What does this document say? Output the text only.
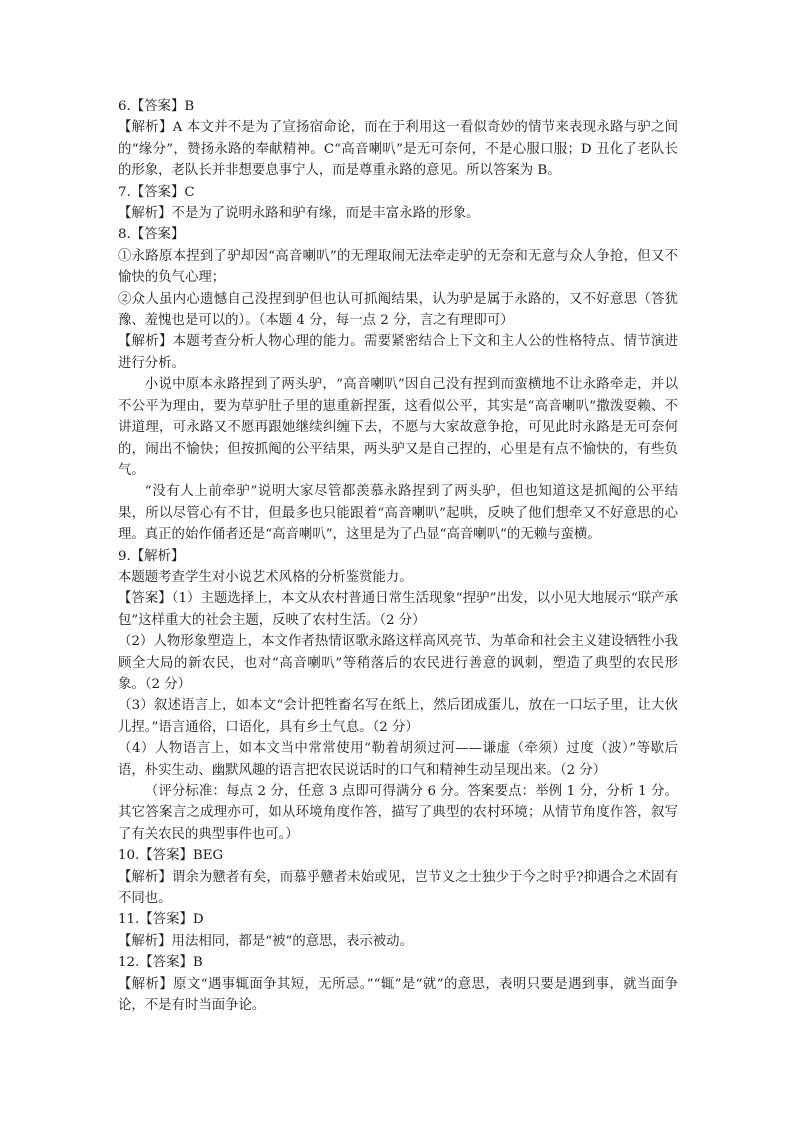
6.【答案】B

【解析】A 本文并不是为了宣扬宿命论，而在于利用这一看似奇妙的情节来表现永路与驴之间的“缘分”，赞扬永路的奉献精神。C“高音喇叭”是无可奈何，不是心服口服；D 丑化了老队长的形象，老队长并非想要息事宁人，而是尊重永路的意见。所以答案为 B。

7.【答案】C

【解析】不是为了说明永路和驴有缘，而是丰富永路的形象。

8.【答案】

①永路原本捏到了驴却因“高音喇叭”的无理取闹无法牵走驴的无奈和无意与众人争抢，但又不愉快的负气心理；

②众人虽内心遗憾自己没捏到驴但也认可抓阄结果，认为驴是属于永路的，又不好意思（答犹豫、羞愧也是可以的）。（本题 4 分，每一点 2 分，言之有理即可）

【解析】本题考查分析人物心理的能力。需要紧密结合上下文和主人公的性格特点、情节演进进行分析。

小说中原本永路捏到了两头驴，“高音喇叭”因自己没有捏到而蛮横地不让永路牵走，并以不公平为理由，要为草驴肚子里的崽重新捏蛋，这看似公平，其实是“高音喇叭”撒泼耍赖、不讲道理，可永路又不愿再跟她继续纠缠下去，不愿与大家故意争抢，可见此时永路是无可奈何的，闹出不愉快；但按抓阄的公平结果，两头驴又是自己捏的，心里是有点不愉快的，有些负气。

“没有人上前牵驴”说明大家尽管都羡慕永路捏到了两头驴，但也知道这是抓阄的公平结果，所以尽管心有不甘，但最多也只能跟着“高音喇叭”起哄，反映了他们想牵又不好意思的心理。真正的始作俑者还是“高音喇叭”，这里是为了凸显“高音喇叭”的无赖与蛮横。

9.【解析】

本题题考查学生对小说艺术风格的分析鉴赏能力。

【答案】（1）主题选择上，本文从农村普通日常生活现象“捏驴”出发，以小见大地展示“联产承包”这样重大的社会主题，反映了农村生活。（2 分）

（2）人物形象塑造上，本文作者热情讴歌永路这样高风亮节、为革命和社会主义建设牺牲小我顾全大局的新农民，也对“高音喇叭”等稍落后的农民进行善意的讽刺，塑造了典型的农民形象。（2 分）

（3）叙述语言上，如本文“会计把牲畜名写在纸上，然后团成蛋儿，放在一口坛子里，让大伙儿捏。”语言通俗，口语化，具有乡土气息。（2 分）

（4）人物语言上，如本文当中常常使用“勒着胡须过河——谦虚（牵须）过度（波）”等歇后语，朴实生动、幽默风趣的语言把农民说话时的口气和精神生动呈现出来。（2 分）

（评分标准：每点 2 分，任意 3 点即可得满分 6 分。答案要点：举例 1 分，分析 1 分。其它答案言之成理亦可，如从环境角度作答，描写了典型的农村环境；从情节角度作答，叙写了有关农民的典型事件也可。）

10.【答案】BEG

【解析】谓余为戆者有矣，而慕乎戆者未始或见，岂节义之士独少于今之时乎?抑遇合之术固有不同也。

11.【答案】D

【解析】用法相同，都是“被”的意思，表示被动。

12.【答案】B

【解析】原文“遇事辄面争其短，无所忌。”“辄”是“就”的意思，表明只要是遇到事，就当面争论，不是有时当面争论。
